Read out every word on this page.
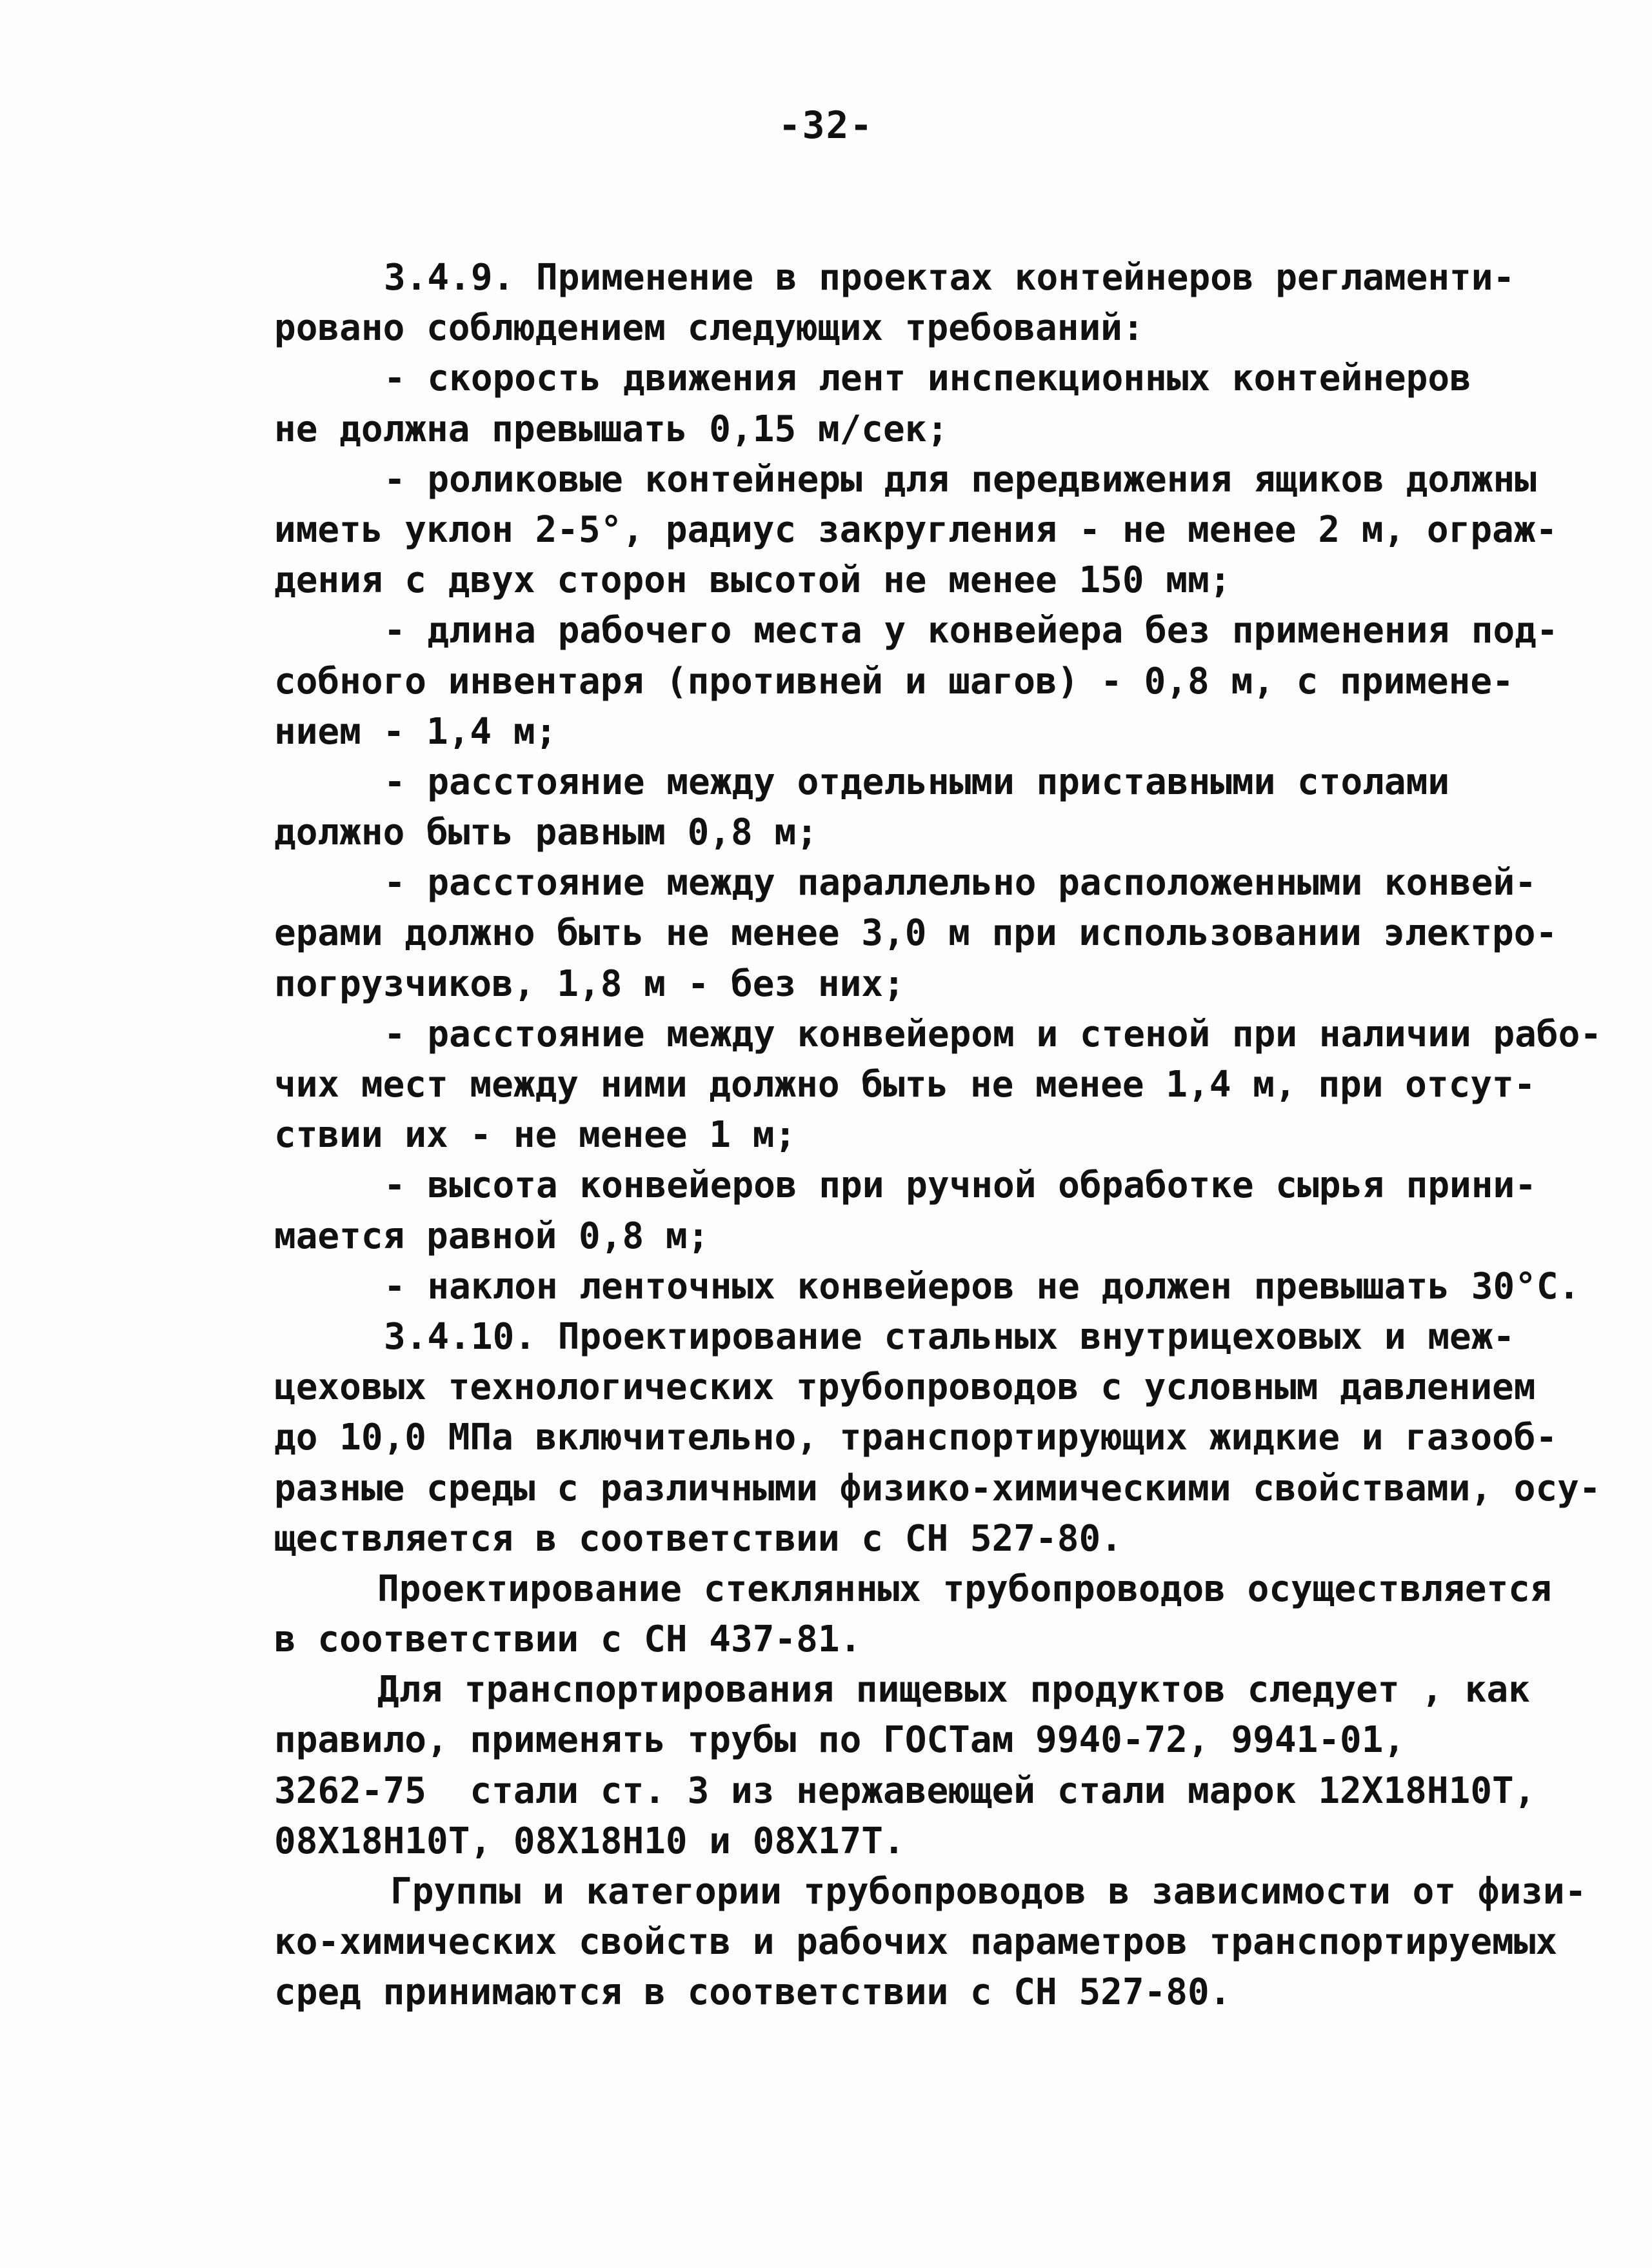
-32-
3.4.9. Применение в проектах контейнеров регламенти-
ровано соблюдением следующих требований:
- скорость движения лент инспекционных контейнеров
не должна превышать 0,15 м/сек;
- роликовые контейнеры для передвижения ящиков должны
иметь уклон 2-5°, радиус закругления - не менее 2 м, ограж-
дения с двух сторон высотой не менее 150 мм;
- длина рабочего места у конвейера без применения под-
собного инвентаря (противней и шагов) - 0,8 м, с примене-
нием - 1,4 м;
- расстояние между отдельными приставными столами
должно быть равным 0,8 м;
- расстояние между параллельно расположенными конвей-
ерами должно быть не менее 3,0 м при использовании электро-
погрузчиков, 1,8 м - без них;
- расстояние между конвейером и стеной при наличии рабо-
чих мест между ними должно быть не менее 1,4 м, при отсут-
ствии их - не менее 1 м;
- высота конвейеров при ручной обработке сырья прини-
мается равной 0,8 м;
- наклон ленточных конвейеров не должен превышать 30°С.
3.4.10. Проектирование стальных внутрицеховых и меж-
цеховых технологических трубопроводов с условным давлением
до 10,0 МПа включительно, транспортирующих жидкие и газооб-
разные среды с различными физико-химическими свойствами, осу-
ществляется в соответствии с СН 527-80.
Проектирование стеклянных трубопроводов осуществляется
в соответствии с СН 437-81.
Для транспортирования пищевых продуктов следует , как
правило, применять трубы по ГОСТам 9940-72, 9941-01,
3262-75  стали ст. 3 из нержавеющей стали марок 12Х18Н10Т,
08Х18Н10Т, 08Х18Н10 и 08Х17Т.
Группы и категории трубопроводов в зависимости от физи-
ко-химических свойств и рабочих параметров транспортируемых
сред принимаются в соответствии с СН 527-80.
